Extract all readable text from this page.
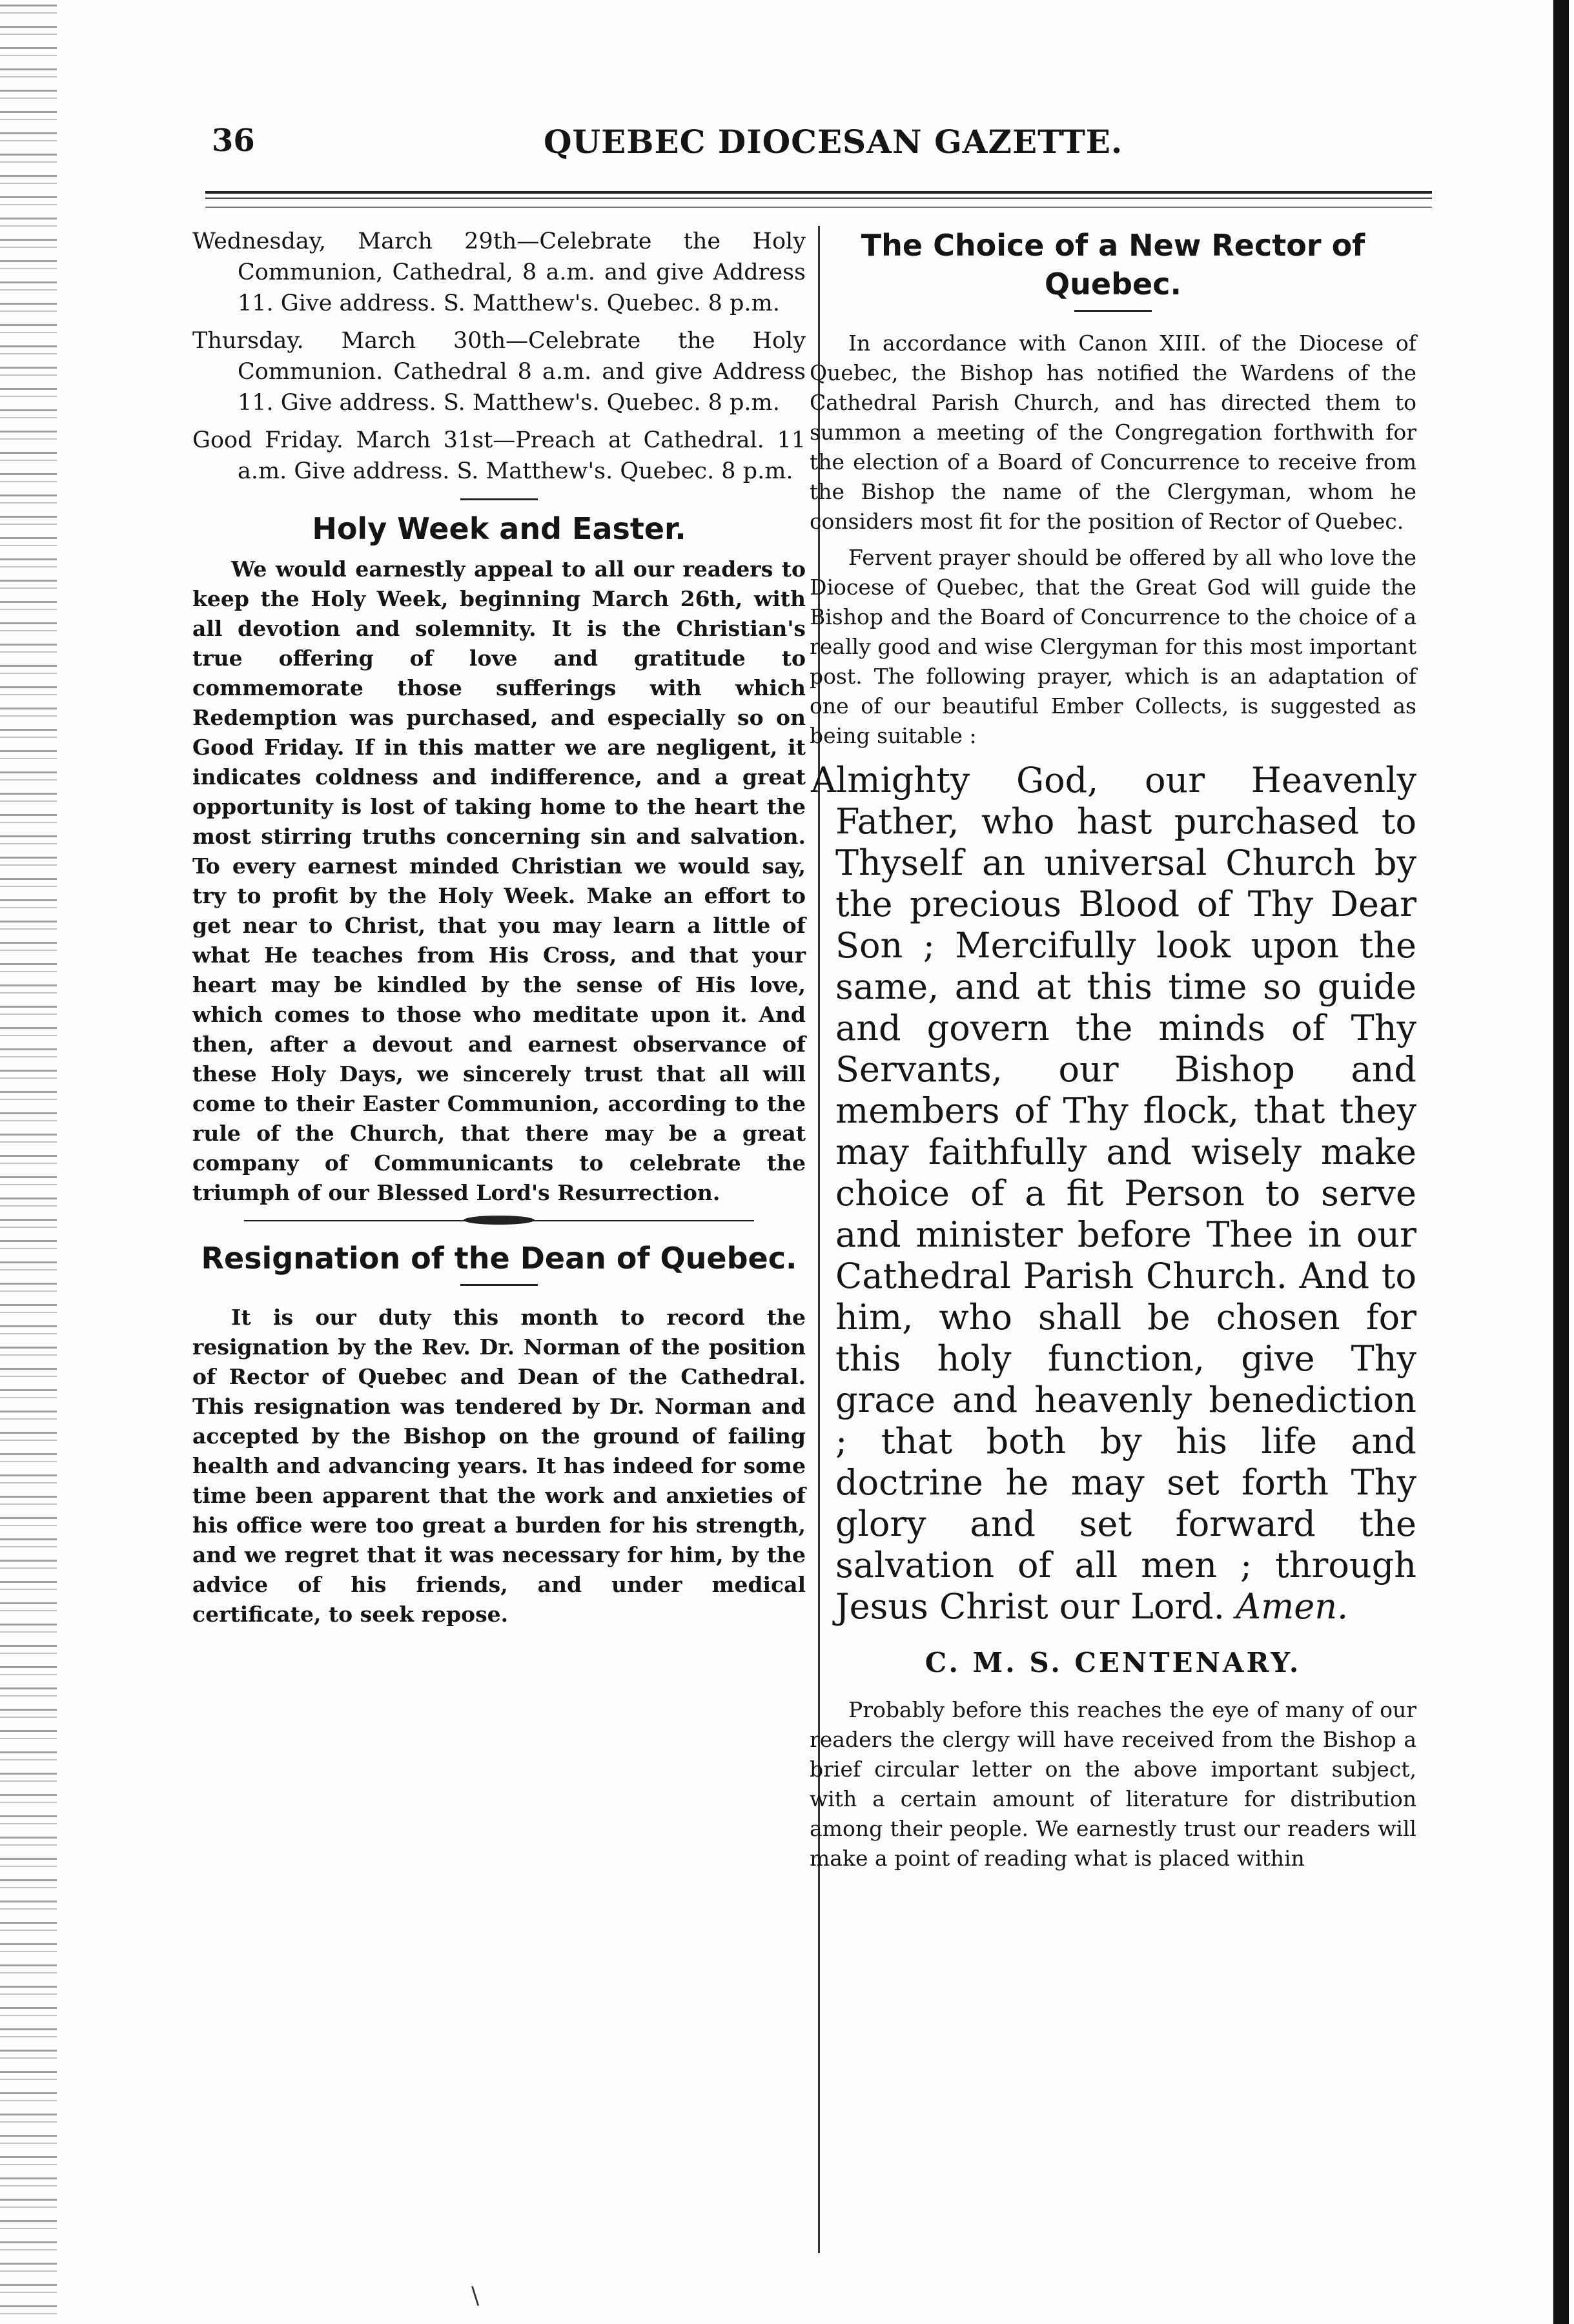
36	QUEBEC DIOCESAN GAZETTE.

Wednesday, March 29th—Celebrate the Holy Communion, Cathedral, 8 a.m. and give Address 11. Give address. S. Matthew's. Quebec. 8 p.m.

Thursday. March 30th—Celebrate the Holy Communion. Cathedral 8 a.m. and give Address 11. Give address. S. Matthew's. Quebec. 8 p.m.

Good Friday. March 31st—Preach at Cathedral. 11 a.m. Give address. S. Matthew's. Quebec. 8 p.m.

Holy Week and Easter.

We would earnestly appeal to all our readers to keep the Holy Week, beginning March 26th, with all devotion and solemnity. It is the Christian's true offering of love and gratitude to commemorate those sufferings with which Redemption was purchased, and especially so on Good Friday. If in this matter we are negligent, it indicates coldness and indifference, and a great opportunity is lost of taking home to the heart the most stirring truths concerning sin and salvation. To every earnest minded Christian we would say, try to profit by the Holy Week. Make an effort to get near to Christ, that you may learn a little of what He teaches from His Cross, and that your heart may be kindled by the sense of His love, which comes to those who meditate upon it. And then, after a devout and earnest observance of these Holy Days, we sincerely trust that all will come to their Easter Communion, according to the rule of the Church, that there may be a great company of Communicants to celebrate the triumph of our Blessed Lord's Resurrection.

Resignation of the Dean of Quebec.

It is our duty this month to record the resignation by the Rev. Dr. Norman of the position of Rector of Quebec and Dean of the Cathedral. This resignation was tendered by Dr. Norman and accepted by the Bishop on the ground of failing health and advancing years. It has indeed for some time been apparent that the work and anxieties of his office were too great a burden for his strength, and we regret that it was necessary for him, by the advice of his friends, and under medical certificate, to seek repose.

The Choice of a New Rector of Quebec.

In accordance with Canon XIII. of the Diocese of Quebec, the Bishop has notified the Wardens of the Cathedral Parish Church, and has directed them to summon a meeting of the Congregation forthwith for the election of a Board of Concurrence to receive from the Bishop the name of the Clergyman, whom he considers most fit for the position of Rector of Quebec.

Fervent prayer should be offered by all who love the Diocese of Quebec, that the Great God will guide the Bishop and the Board of Concurrence to the choice of a really good and wise Clergyman for this most important post. The following prayer, which is an adaptation of one of our beautiful Ember Collects, is suggested as being suitable :

Almighty God, our Heavenly Father, who hast purchased to Thyself an universal Church by the precious Blood of Thy Dear Son ; Mercifully look upon the same, and at this time so guide and govern the minds of Thy Servants, our Bishop and members of Thy flock, that they may faithfully and wisely make choice of a fit Person to serve and minister before Thee in our Cathedral Parish Church. And to him, who shall be chosen for this holy function, give Thy grace and heavenly benediction ; that both by his life and doctrine he may set forth Thy glory and set forward the salvation of all men ; through Jesus Christ our Lord. Amen.

C. M. S. CENTENARY.

Probably before this reaches the eye of many of our readers the clergy will have received from the Bishop a brief circular letter on the above important subject, with a certain amount of literature for distribution among their people. We earnestly trust our readers will make a point of reading what is placed within

\
